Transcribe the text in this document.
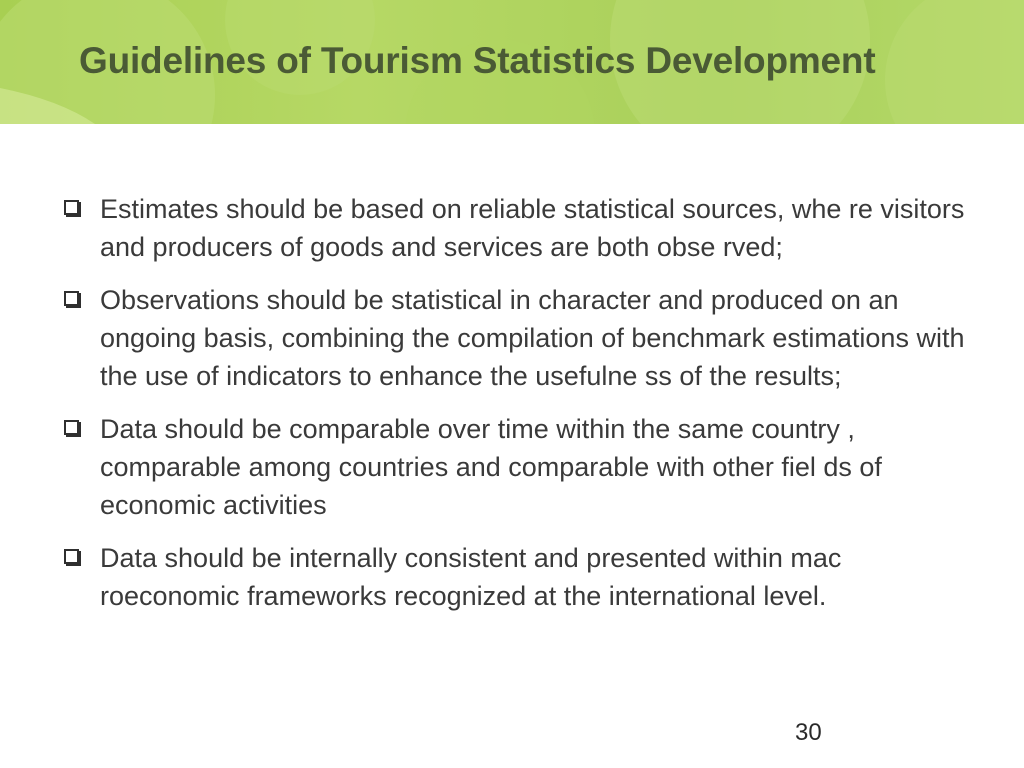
Guidelines of Tourism Statistics Development
Estimates should be based on reliable statistical sources, whe re visitors and producers of goods and services are both obse rved;
Observations should be statistical in character and produced on an ongoing basis, combining the compilation of benchmark estimations with the use of indicators to enhance the usefulne ss of the results;
Data should be comparable over time within the same country , comparable among countries and comparable with other fiel ds of economic activities
Data should be internally consistent and presented within mac roeconomic frameworks recognized at the international level.
30
